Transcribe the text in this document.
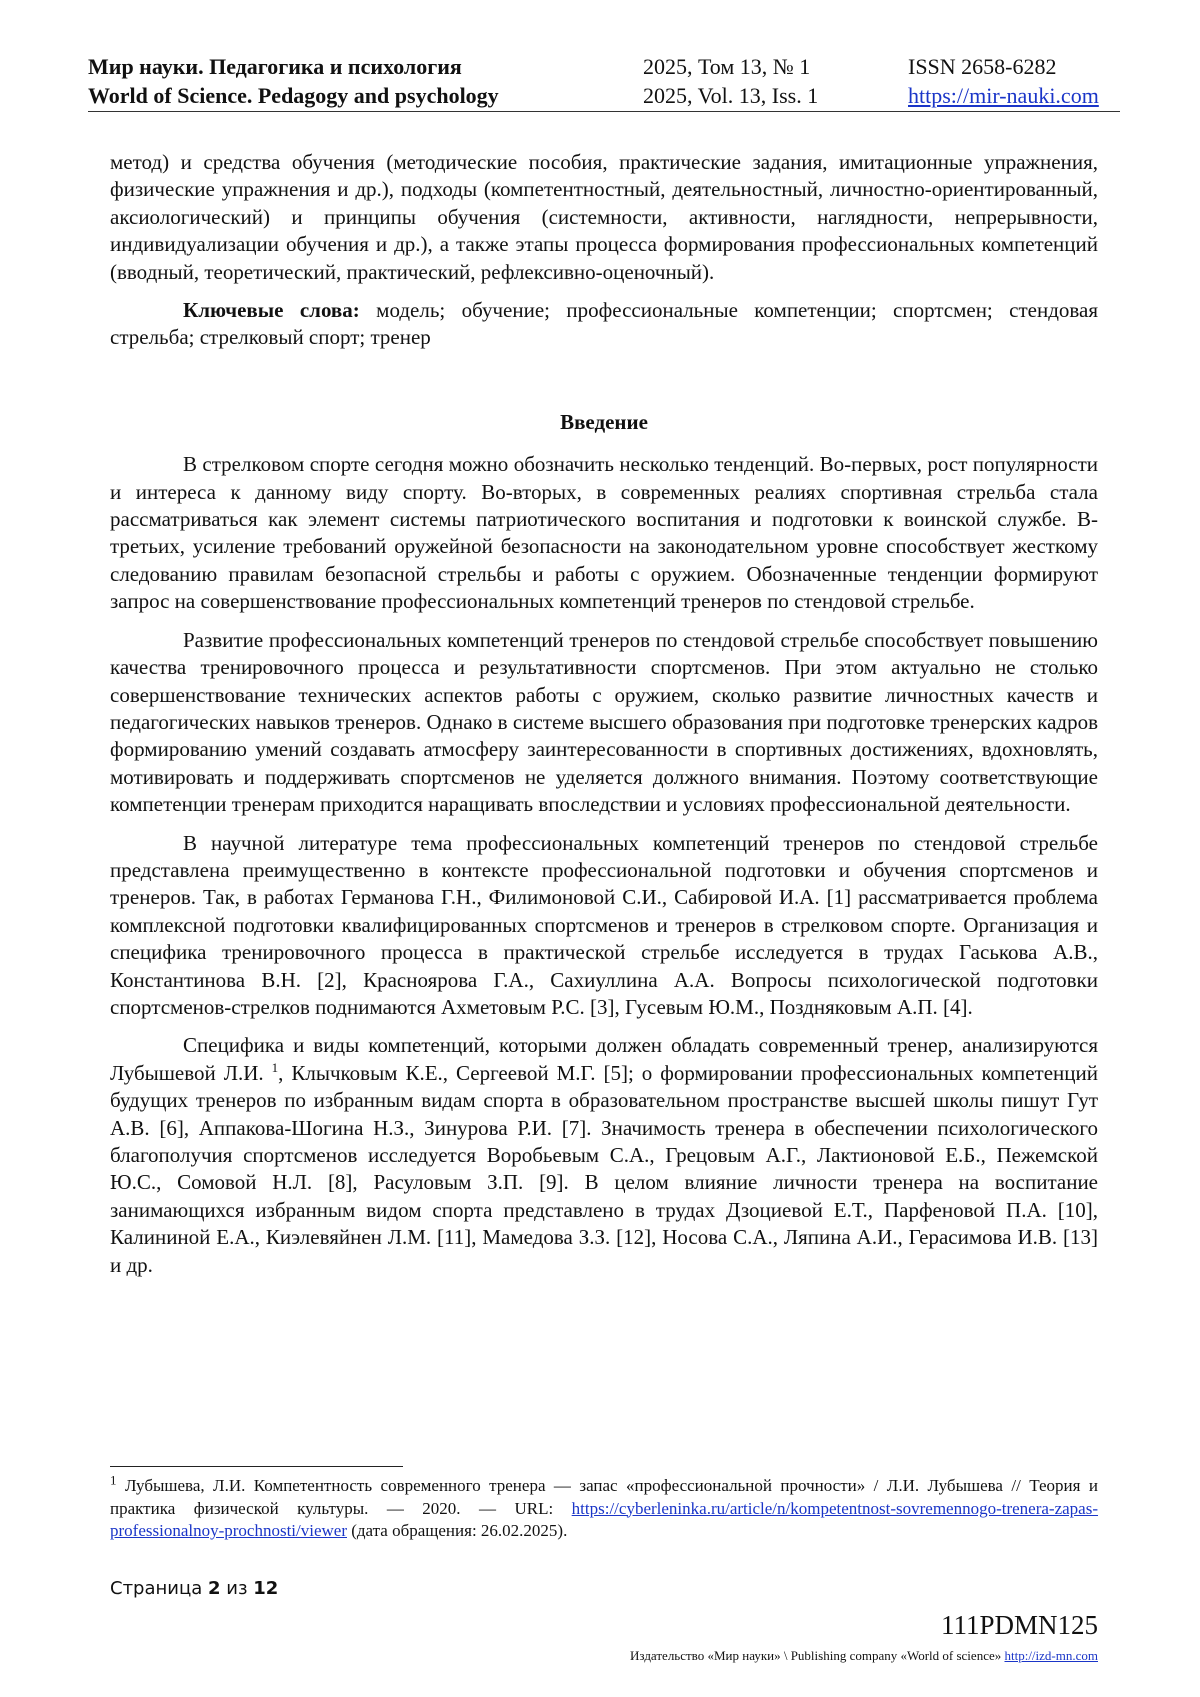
Мир науки. Педагогика и психология	2025, Том 13, № 1	ISSN 2658-6282
World of Science. Pedagogy and psychology	2025, Vol. 13, Iss. 1	https://mir-nauki.com

метод) и средства обучения (методические пособия, практические задания, имитационные упражнения, физические упражнения и др.), подходы (компетентностный, деятельностный, личностно-ориентированный, аксиологический) и принципы обучения (системности, активности, наглядности, непрерывности, индивидуализации обучения и др.), а также этапы процесса формирования профессиональных компетенций (вводный, теоретический, практический, рефлексивно-оценочный).

Ключевые слова: модель; обучение; профессиональные компетенции; спортсмен; стендовая стрельба; стрелковый спорт; тренер

Введение

В стрелковом спорте сегодня можно обозначить несколько тенденций. Во-первых, рост популярности и интереса к данному виду спорту. Во-вторых, в современных реалиях спортивная стрельба стала рассматриваться как элемент системы патриотического воспитания и подготовки к воинской службе. В-третьих, усиление требований оружейной безопасности на законодательном уровне способствует жесткому следованию правилам безопасной стрельбы и работы с оружием. Обозначенные тенденции формируют запрос на совершенствование профессиональных компетенций тренеров по стендовой стрельбе.

Развитие профессиональных компетенций тренеров по стендовой стрельбе способствует повышению качества тренировочного процесса и результативности спортсменов. При этом актуально не столько совершенствование технических аспектов работы с оружием, сколько развитие личностных качеств и педагогических навыков тренеров. Однако в системе высшего образования при подготовке тренерских кадров формированию умений создавать атмосферу заинтересованности в спортивных достижениях, вдохновлять, мотивировать и поддерживать спортсменов не уделяется должного внимания. Поэтому соответствующие компетенции тренерам приходится наращивать впоследствии и условиях профессиональной деятельности.

В научной литературе тема профессиональных компетенций тренеров по стендовой стрельбе представлена преимущественно в контексте профессиональной подготовки и обучения спортсменов и тренеров. Так, в работах Германова Г.Н., Филимоновой С.И., Сабировой И.А. [1] рассматривается проблема комплексной подготовки квалифицированных спортсменов и тренеров в стрелковом спорте. Организация и специфика тренировочного процесса в практической стрельбе исследуется в трудах Гаськова А.В., Константинова В.Н. [2], Красноярова Г.А., Сахиуллина А.А. Вопросы психологической подготовки спортсменов-стрелков поднимаются Ахметовым Р.С. [3], Гусевым Ю.М., Поздняковым А.П. [4].

Специфика и виды компетенций, которыми должен обладать современный тренер, анализируются Лубышевой Л.И. $^1$, Клычковым К.Е., Сергеевой М.Г. [5]; о формировании профессиональных компетенций будущих тренеров по избранным видам спорта в образовательном пространстве высшей школы пишут Гут А.В. [6], Аппакова-Шогина Н.З., Зинурова Р.И. [7]. Значимость тренера в обеспечении психологического благополучия спортсменов исследуется Воробьевым С.А., Грецовым А.Г., Лактионовой Е.Б., Пежемской Ю.С., Сомовой Н.Л. [8], Расуловым З.П. [9]. В целом влияние личности тренера на воспитание занимающихся избранным видом спорта представлено в трудах Дзоциевой Е.Т., Парфеновой П.А. [10], Калининой Е.А., Киэлевяйнен Л.М. [11], Мамедова З.З. [12], Носова С.А., Ляпина А.И., Герасимова И.В. [13] и др.

$^1$ Лубышева, Л.И. Компетентность современного тренера — запас «профессиональной прочности» / Л.И. Лубышева // Теория и практика физической культуры. — 2020. — URL: https://cyberleninka.ru/article/n/kompetentnost-sovremennogo-trenera-zapas-professionalnoy-prochnosti/viewer (дата обращения: 26.02.2025).
Страница 2 из 12
111PDMN125
Издательство «Мир науки» \ Publishing company «World of science» http://izd-mn.com
